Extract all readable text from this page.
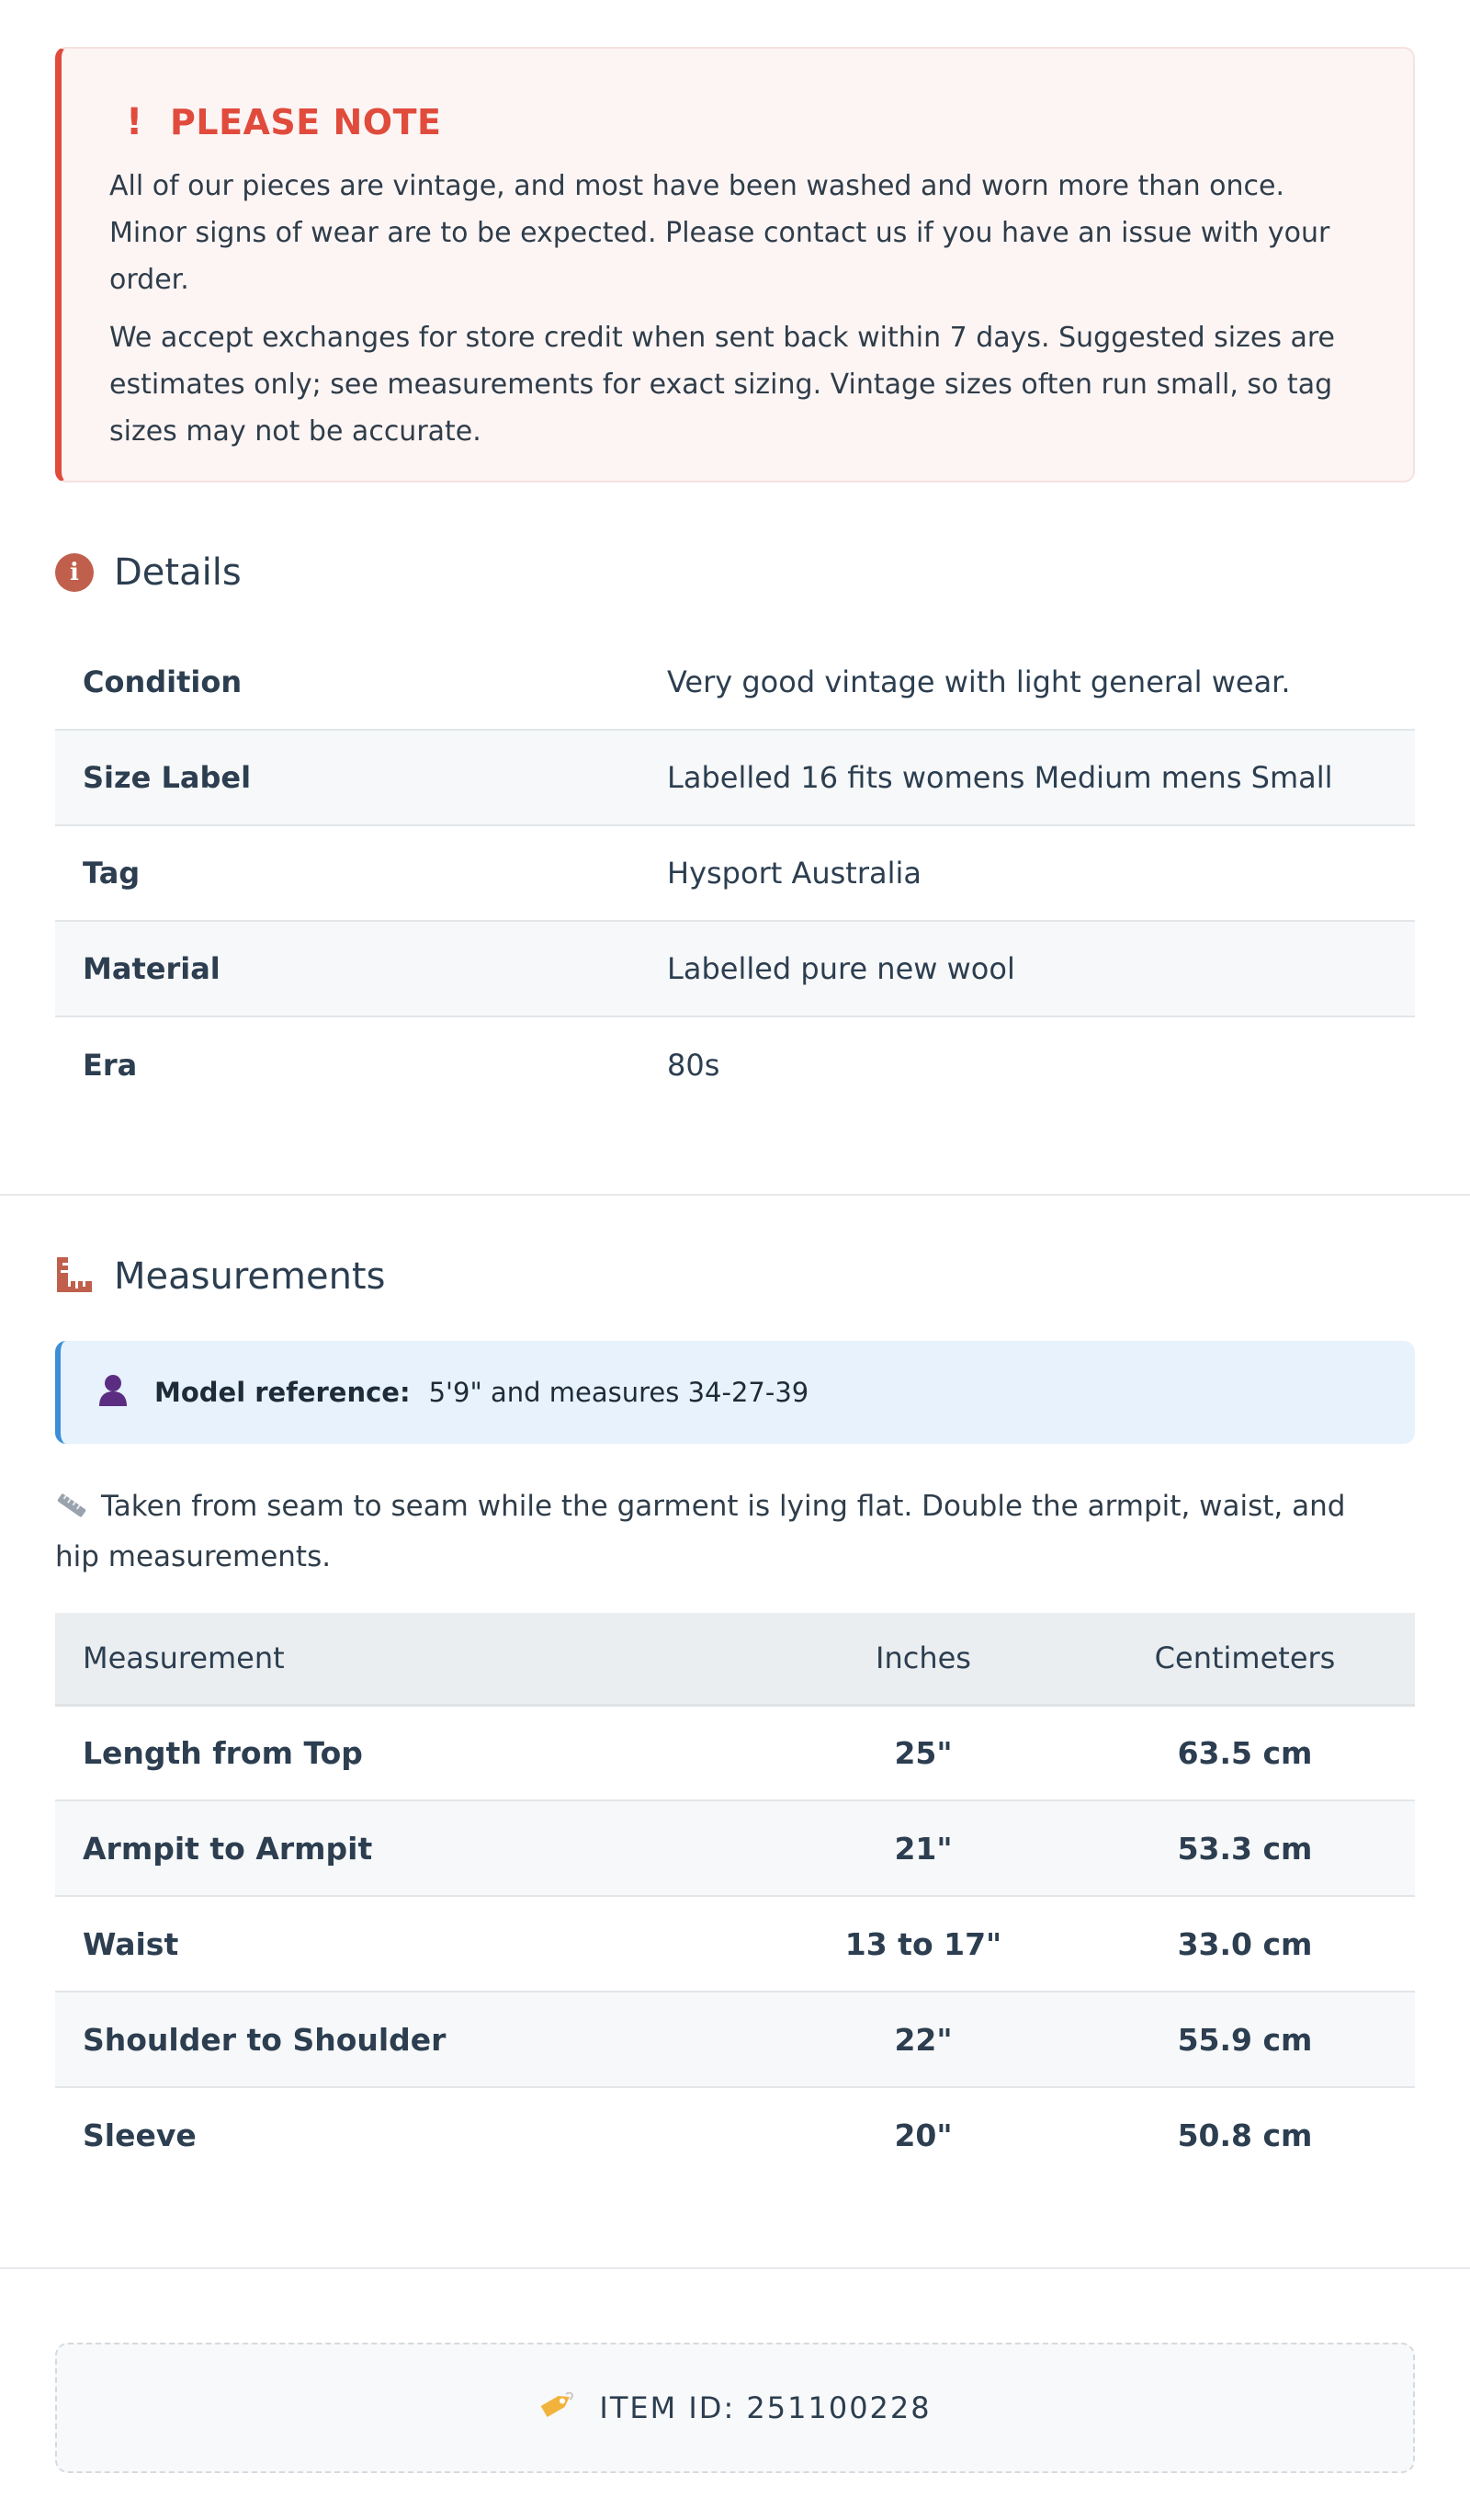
! PLEASE NOTE

All of our pieces are vintage, and most have been washed and worn more than once. Minor signs of wear are to be expected. Please contact us if you have an issue with your order.

We accept exchanges for store credit when sent back within 7 days. Suggested sizes are estimates only; see measurements for exact sizing. Vintage sizes often run small, so tag sizes may not be accurate.

i Details
Condition	Very good vintage with light general wear.
Size Label	Labelled 16 fits womens Medium mens Small
Tag	Hysport Australia
Material	Labelled pure new wool
Era	80s
Measurements
Model reference: 5'9" and measures 34-27-39
Taken from seam to seam while the garment is lying flat. Double the armpit, waist, and hip measurements.
Measurement	Inches	Centimeters
Length from Top	25"	63.5 cm
Armpit to Armpit	21"	53.3 cm
Waist	13 to 17"	33.0 cm
Shoulder to Shoulder	22"	55.9 cm
Sleeve	20"	50.8 cm
ITEM ID: 251100228
